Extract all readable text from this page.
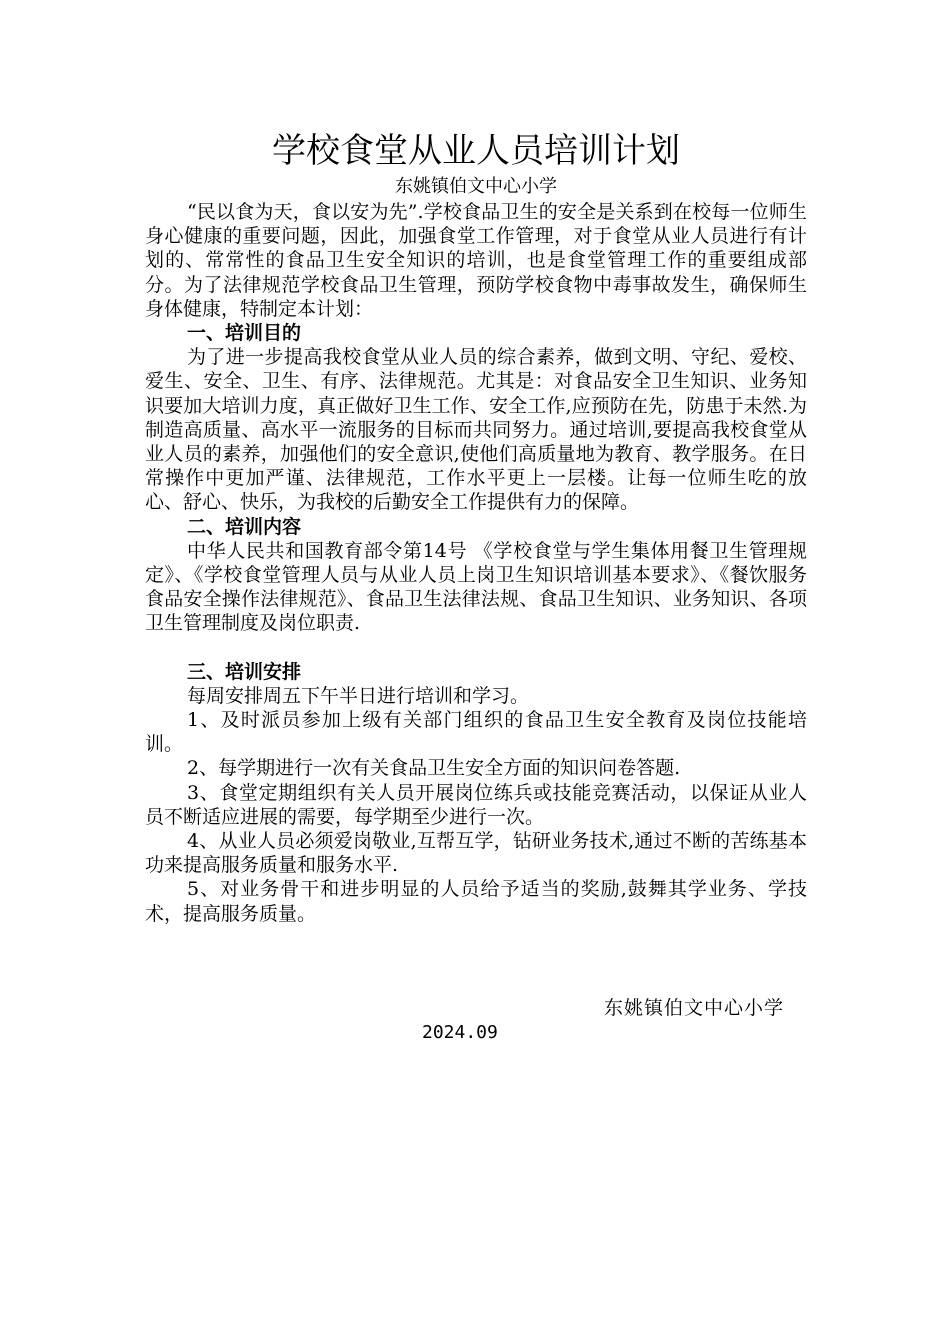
学校食堂从业人员培训计划

东姚镇伯文中心小学

“民以食为天，食以安为先”.学校食品卫生的安全是关系到在校每一位师生身心健康的重要问题，因此，加强食堂工作管理，对于食堂从业人员进行有计划的、常常性的食品卫生安全知识的培训，也是食堂管理工作的重要组成部分。为了法律规范学校食品卫生管理，预防学校食物中毒事故发生，确保师生身体健康，特制定本计划：

一、培训目的

为了进一步提高我校食堂从业人员的综合素养，做到文明、守纪、爱校、爱生、安全、卫生、有序、法律规范。尤其是：对食品安全卫生知识、业务知识要加大培训力度，真正做好卫生工作、安全工作,应预防在先，防患于未然.为制造高质量、高水平一流服务的目标而共同努力。通过培训,要提高我校食堂从业人员的素养，加强他们的安全意识,使他们高质量地为教育、教学服务。在日常操作中更加严谨、法律规范，工作水平更上一层楼。让每一位师生吃的放心、舒心、快乐，为我校的后勤安全工作提供有力的保障。

二、培训内容

中华人民共和国教育部令第14号 《学校食堂与学生集体用餐卫生管理规定》、《学校食堂管理人员与从业人员上岗卫生知识培训基本要求》、《餐饮服务食品安全操作法律规范》、食品卫生法律法规、食品卫生知识、业务知识、各项卫生管理制度及岗位职责.

三、培训安排

每周安排周五下午半日进行培训和学习。

1、及时派员参加上级有关部门组织的食品卫生安全教育及岗位技能培训。

2、每学期进行一次有关食品卫生安全方面的知识问卷答题.

3、食堂定期组织有关人员开展岗位练兵或技能竞赛活动，以保证从业人员不断适应进展的需要，每学期至少进行一次。

4、从业人员必须爱岗敬业,互帮互学，钻研业务技术,通过不断的苦练基本功来提高服务质量和服务水平.

5、对业务骨干和进步明显的人员给予适当的奖励,鼓舞其学业务、学技术，提高服务质量。

东姚镇伯文中心小学
2024.09
